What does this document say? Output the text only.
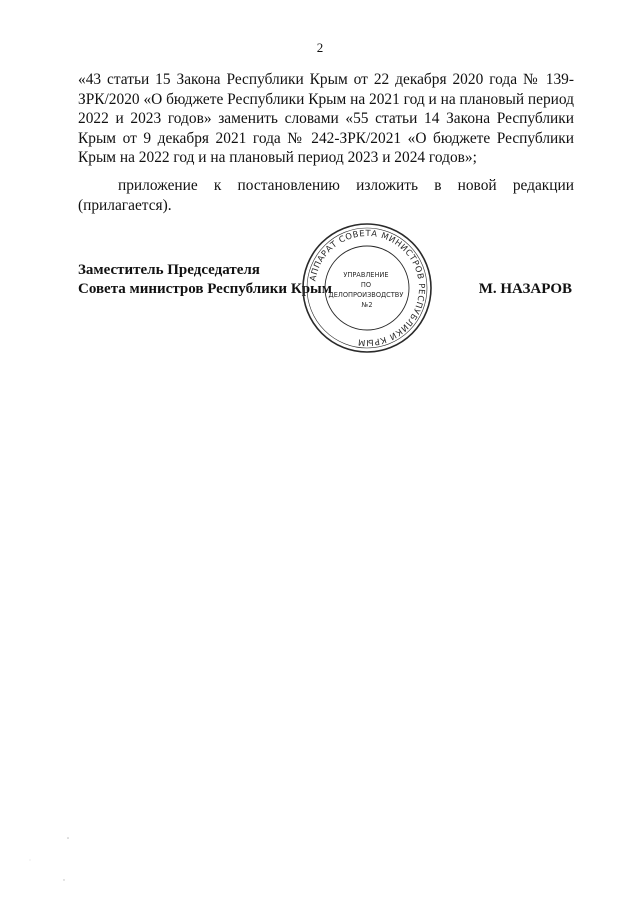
2

«43 статьи 15 Закона Республики Крым от 22 декабря 2020 года № 139-ЗРК/2020 «О бюджете Республики Крым на 2021 год и на плановый период 2022 и 2023 годов» заменить словами «55 статьи 14 Закона Республики Крым от 9 декабря 2021 года № 242-ЗРК/2021 «О бюджете Республики Крым на 2022 год и на плановый период 2023 и 2024 годов»;

приложение к постановлению изложить в новой редакции (прилагается).

Заместитель Председателя
Совета министров Республики Крым
АППАРАТ СОВЕТА МИНИСТРОВ РЕСПУБЛИКИ КРЫМ
УПРАВЛЕНИЕ ПО ДЕЛОПРОИЗВОДСТВУ №2
М. НАЗАРОВ
